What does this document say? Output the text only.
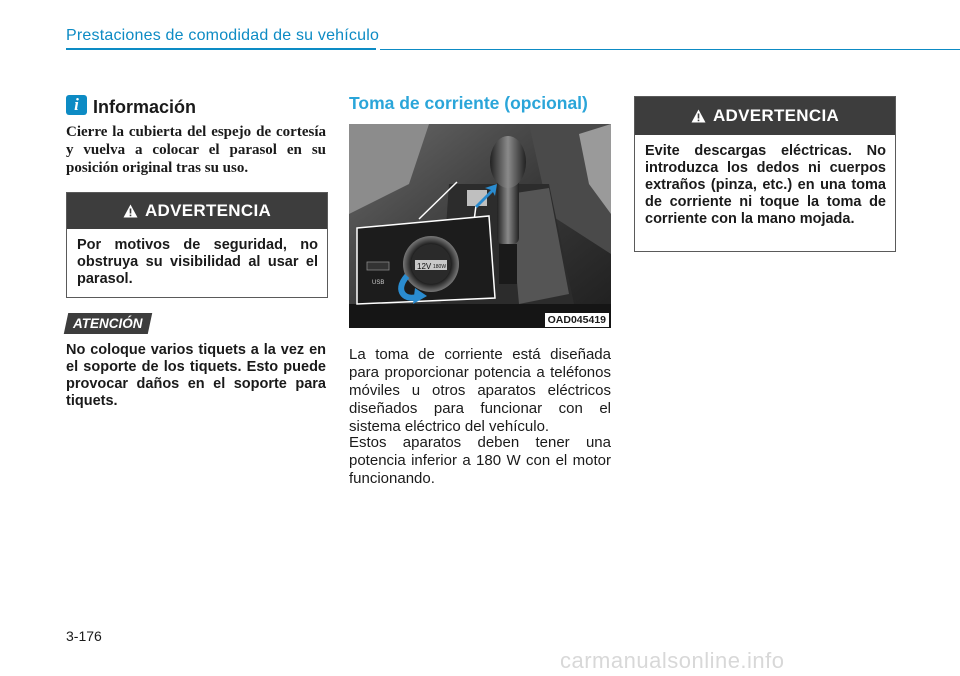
Prestaciones de comodidad de su vehículo
i Información
Cierre la cubierta del espejo de cortesía y vuelva a colocar el parasol en su posición original tras su uso.
ADVERTENCIA
Por motivos de seguridad, no obstruya su visibilidad al usar el parasol.
ATENCIÓN
No coloque varios tiquets a la vez en el soporte de los tiquets. Esto puede provocar daños en el soporte para tiquets.
Toma de corriente (opcional)
USB
12V 180W
OAD045419
La toma de corriente está diseñada para proporcionar potencia a teléfonos móviles u otros aparatos eléctricos diseñados para funcionar con el sistema eléctrico del vehículo.
Estos aparatos deben tener una potencia inferior a 180 W con el motor funcionando.
ADVERTENCIA
Evite descargas eléctricas. No introduzca los dedos ni cuerpos extraños (pinza, etc.) en una toma de corriente ni toque la toma de corriente con la mano mojada.
3-176
carmanualsonline.info
